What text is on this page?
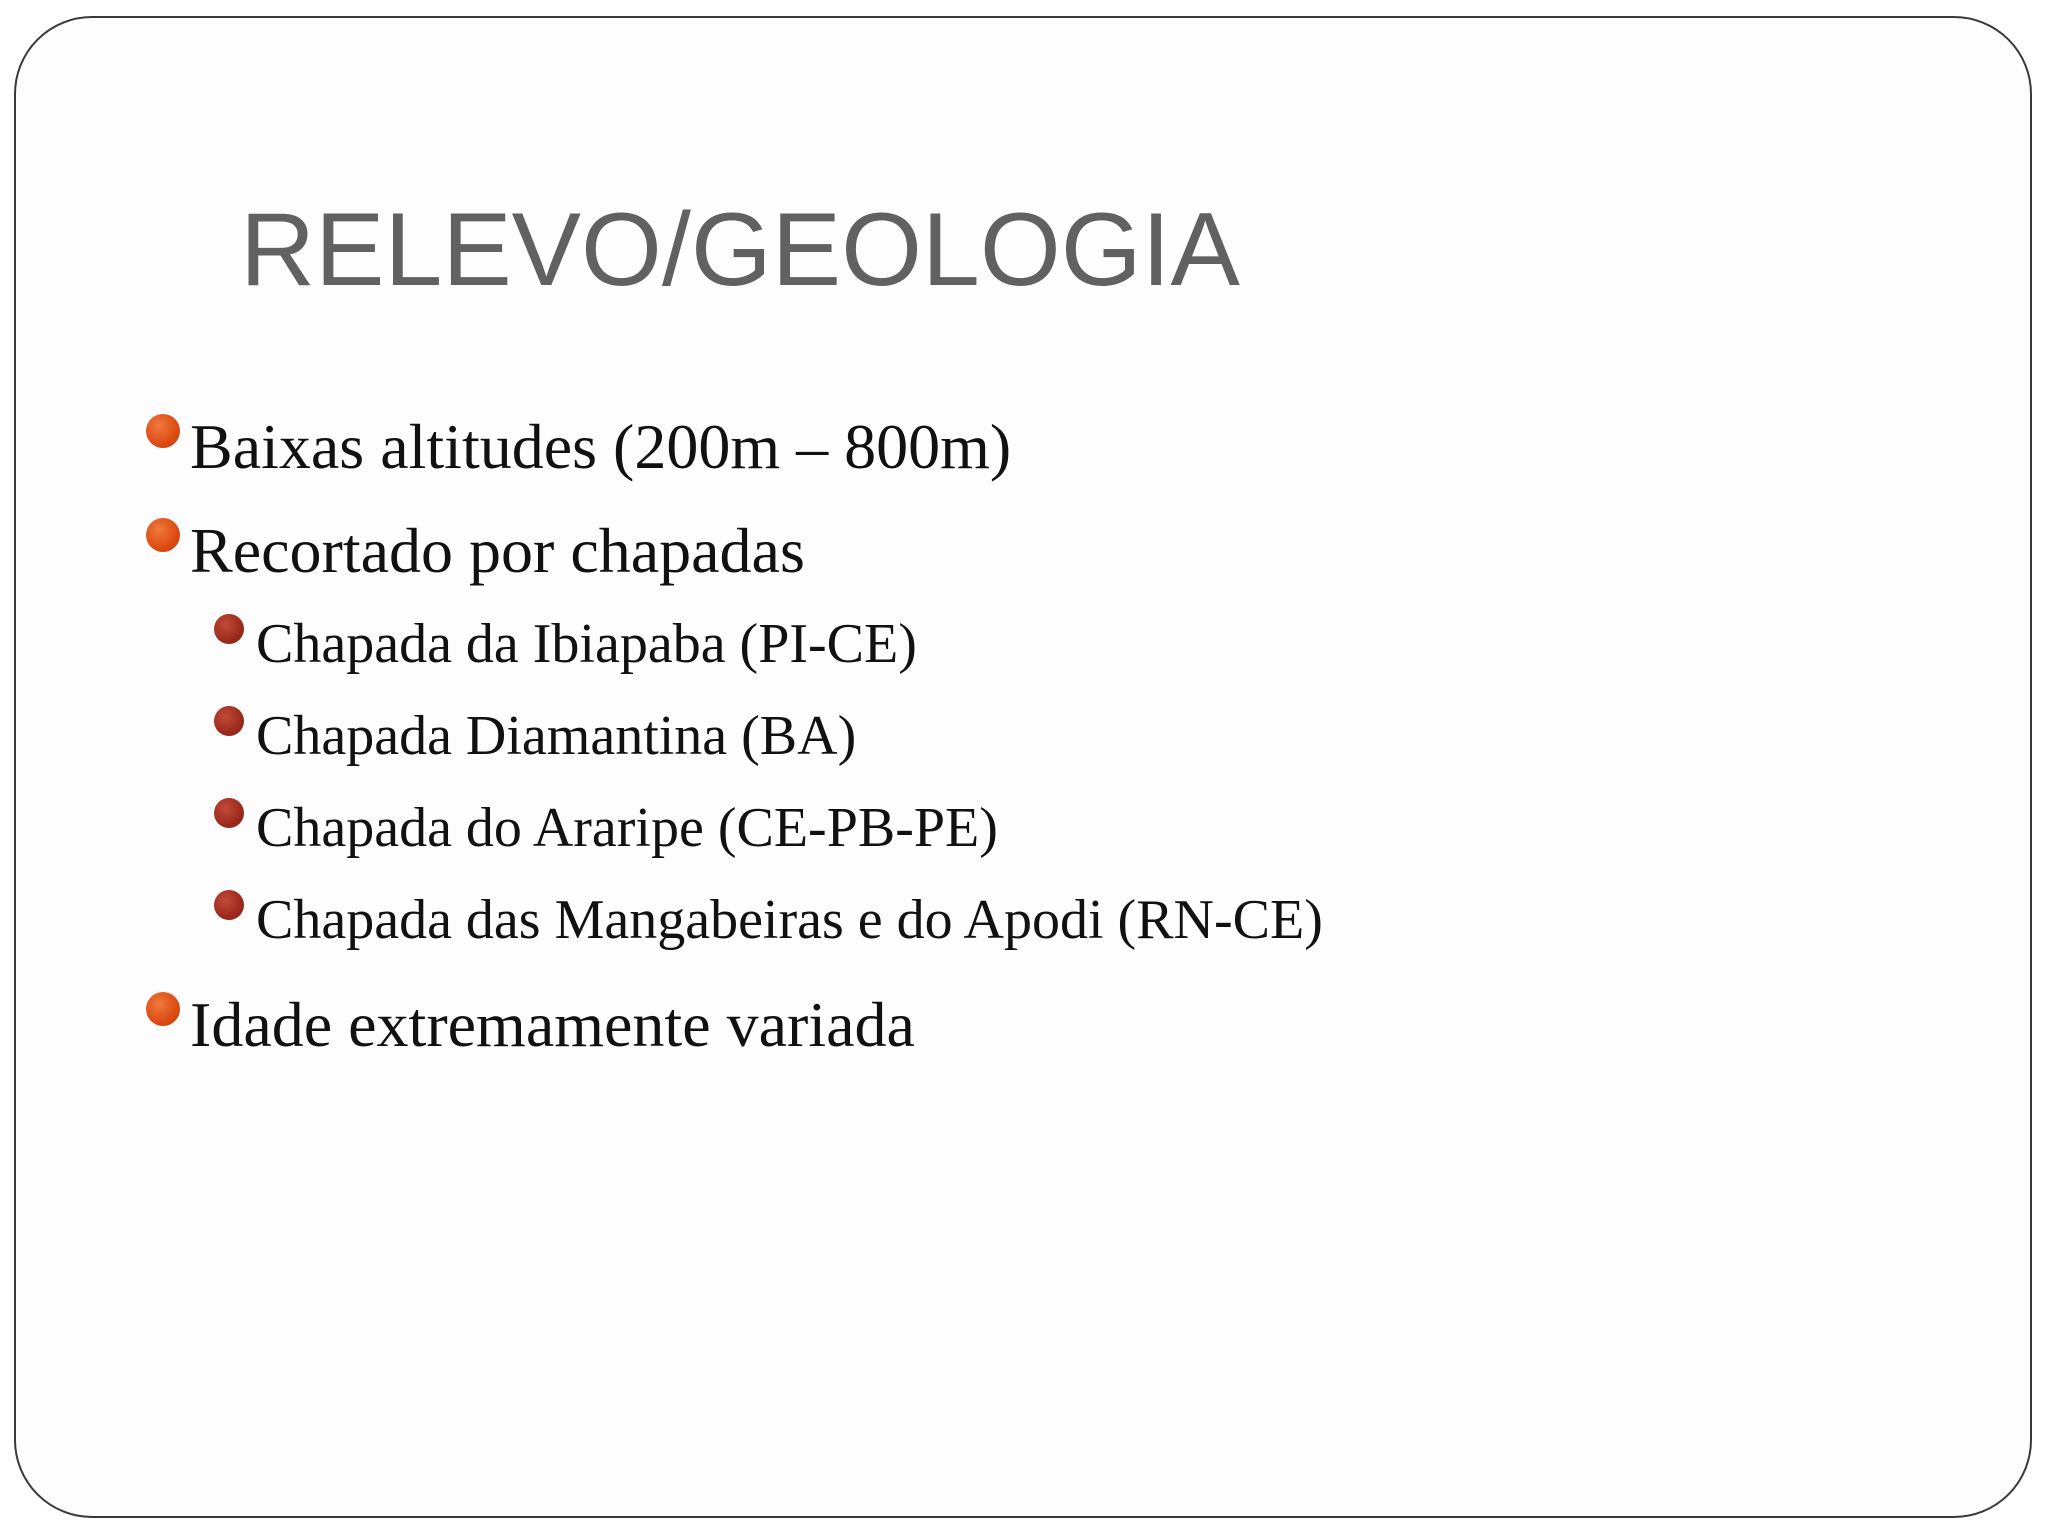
RELEVO/GEOLOGIA
Baixas altitudes (200m – 800m)
Recortado por chapadas
Chapada da Ibiapaba (PI-CE)
Chapada Diamantina (BA)
Chapada do Araripe (CE-PB-PE)
Chapada das Mangabeiras e do Apodi (RN-CE)
Idade extremamente variada
